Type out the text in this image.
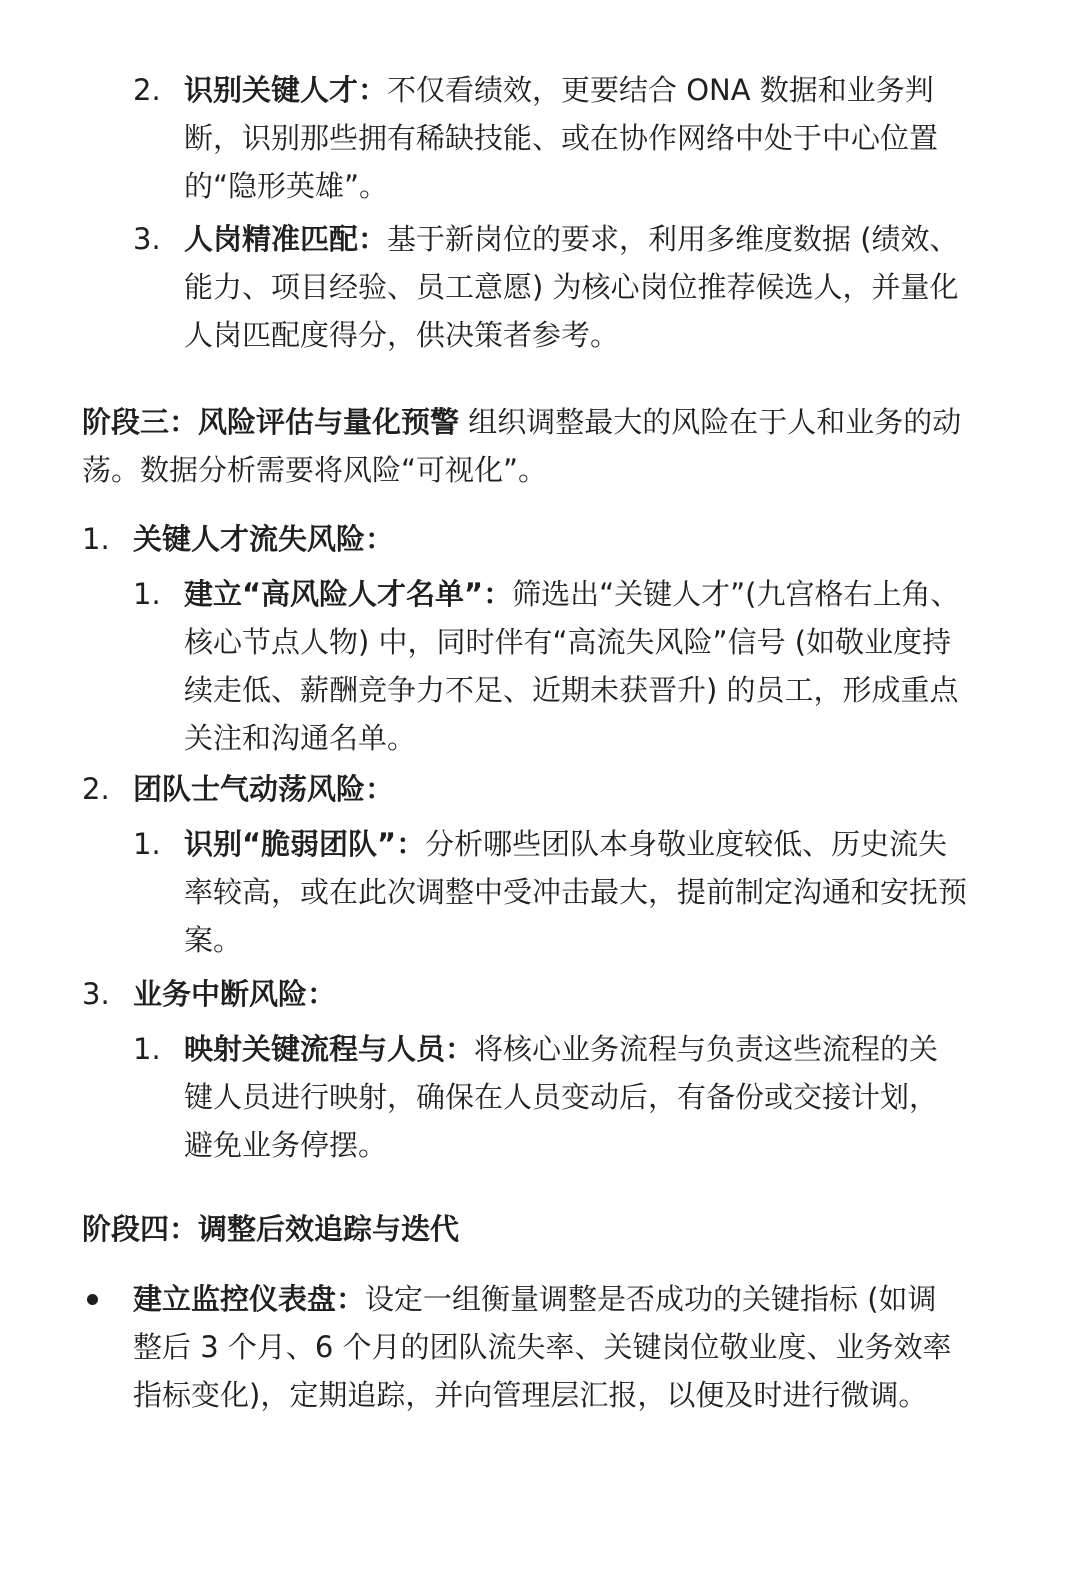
2. 识别关键人才：不仅看绩效，更要结合 ONA 数据和业务判断，识别那些拥有稀缺技能、或在协作网络中处于中心位置的“隐形英雄”。
3. 人岗精准匹配：基于新岗位的要求，利用多维度数据 (绩效、能力、项目经验、员工意愿) 为核心岗位推荐候选人，并量化人岗匹配度得分，供决策者参考。
阶段三：风险评估与量化预警 组织调整最大的风险在于人和业务的动荡。数据分析需要将风险“可视化”。
1. 关键人才流失风险：
1. 建立“高风险人才名单”：筛选出“关键人才”(九宫格右上角、核心节点人物) 中，同时伴有“高流失风险”信号 (如敬业度持续走低、薪酬竞争力不足、近期未获晋升) 的员工，形成重点关注和沟通名单。
2. 团队士气动荡风险：
1. 识别“脆弱团队”：分析哪些团队本身敬业度较低、历史流失率较高，或在此次调整中受冲击最大，提前制定沟通和安抚预案。
3. 业务中断风险：
1. 映射关键流程与人员：将核心业务流程与负责这些流程的关键人员进行映射，确保在人员变动后，有备份或交接计划，避免业务停摆。
阶段四：调整后效追踪与迭代
建立监控仪表盘：设定一组衡量调整是否成功的关键指标 (如调整后 3 个月、6 个月的团队流失率、关键岗位敬业度、业务效率指标变化)，定期追踪，并向管理层汇报，以便及时进行微调。
